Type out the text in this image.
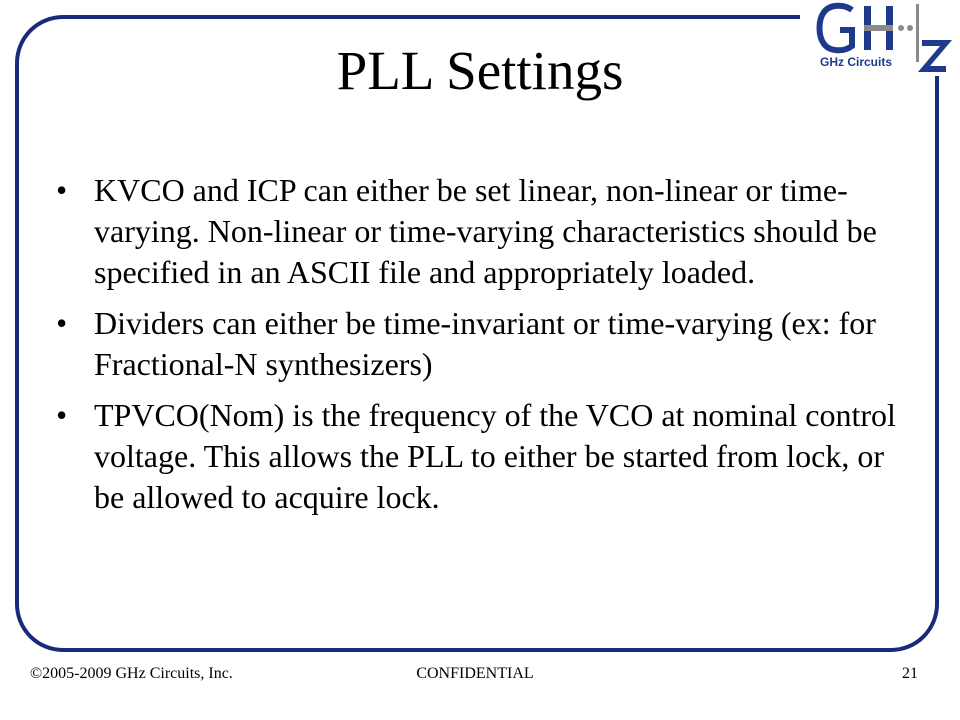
GHz Circuits
PLL Settings
• KVCO and ICP can either be set linear, non-linear or time-varying. Non-linear or time-varying characteristics should be specified in an ASCII file and appropriately loaded.
• Dividers can either be time-invariant or time-varying (ex: for Fractional-N synthesizers)
• TPVCO(Nom) is the frequency of the VCO at nominal control voltage. This allows the PLL to either be started from lock, or be allowed to acquire lock.
©2005-2009 GHz Circuits, Inc.	CONFIDENTIAL	21
